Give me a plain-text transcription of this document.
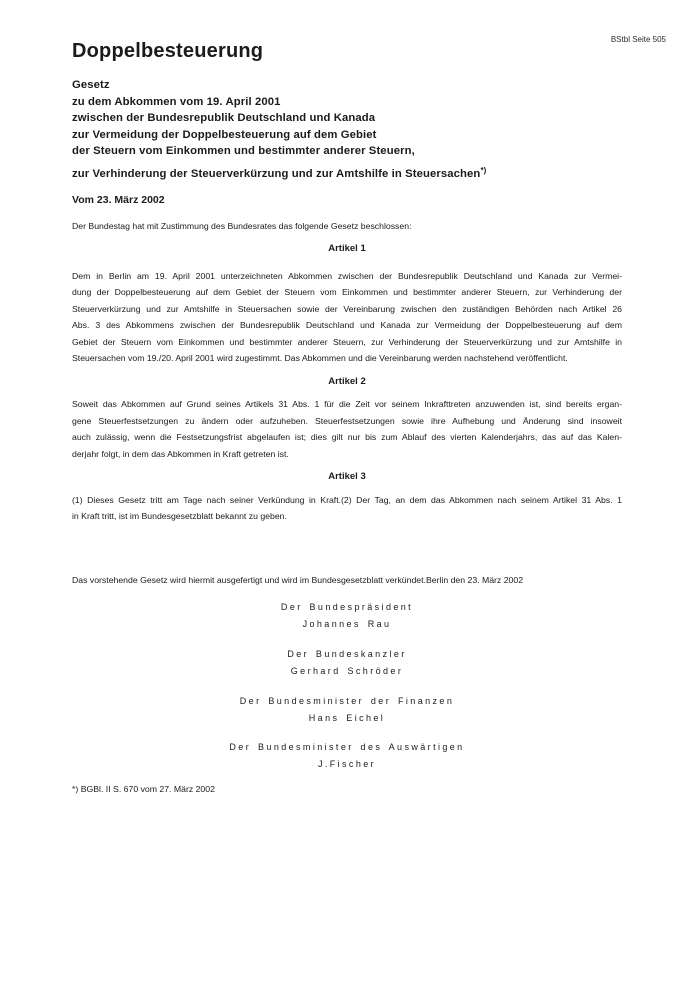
BStbl Seite 505
Doppelbesteuerung
Gesetz
zu dem Abkommen vom 19. April 2001
zwischen der Bundesrepublik Deutschland und Kanada
zur Vermeidung der Doppelbesteuerung auf dem Gebiet
der Steuern vom Einkommen und bestimmter anderer Steuern,
zur Verhinderung der Steuerverkürzung und zur Amtshilfe in Steuersachen*)
Vom 23. März 2002
Der Bundestag hat mit Zustimmung des Bundesrates das folgende Gesetz beschlossen:
Artikel 1
Dem in Berlin am 19. April 2001 unterzeichneten Abkommen zwischen der Bundesrepublik Deutschland und Kanada zur Vermei-
dung der Doppelbesteuerung auf dem Gebiet der Steuern vom Einkommen und bestimmter anderer Steuern, zur Verhinderung der
Steuerverkürzung und zur Amtshilfe in Steuersachen sowie der Vereinbarung zwischen den zuständigen Behörden nach Artikel 26
Abs. 3 des Abkommens zwischen der Bundesrepublik Deutschland und Kanada zur Vermeidung der Doppelbesteuerung auf dem
Gebiet der Steuern vom Einkommen und bestimmter anderer Steuern, zur Verhinderung der Steuerverkürzung und zur Amtshilfe in
Steuersachen vom 19./20. April 2001 wird zugestimmt. Das Abkommen und die Vereinbarung werden nachstehend veröffentlicht.
Artikel 2
Soweit das Abkommen auf Grund seines Artikels 31 Abs. 1 für die Zeit vor seinem Inkrafttreten anzuwenden ist, sind bereits ergan-
gene Steuerfestsetzungen zu ändern oder aufzuheben. Steuerfestsetzungen sowie ihre Aufhebung und Änderung sind insoweit
auch zulässig, wenn die Festsetzungsfrist abgelaufen ist; dies gilt nur bis zum Ablauf des vierten Kalenderjahrs, das auf das Kalen-
derjahr folgt, in dem das Abkommen in Kraft getreten ist.
Artikel 3
(1) Dieses Gesetz tritt am Tage nach seiner Verkündung in Kraft.(2) Der Tag, an dem das Abkommen nach seinem Artikel 31 Abs. 1
in Kraft tritt, ist im Bundesgesetzblatt bekannt zu geben.
Das vorstehende Gesetz wird hiermit ausgefertigt und wird im Bundesgesetzblatt verkündet.Berlin den 23. März 2002
Der Bundespräsident
Johannes Rau
Der Bundeskanzler
Gerhard Schröder
Der Bundesminister der Finanzen
Hans Eichel
Der Bundesminister des Auswärtigen
J.Fischer
*) BGBl. II S. 670 vom 27. März 2002
